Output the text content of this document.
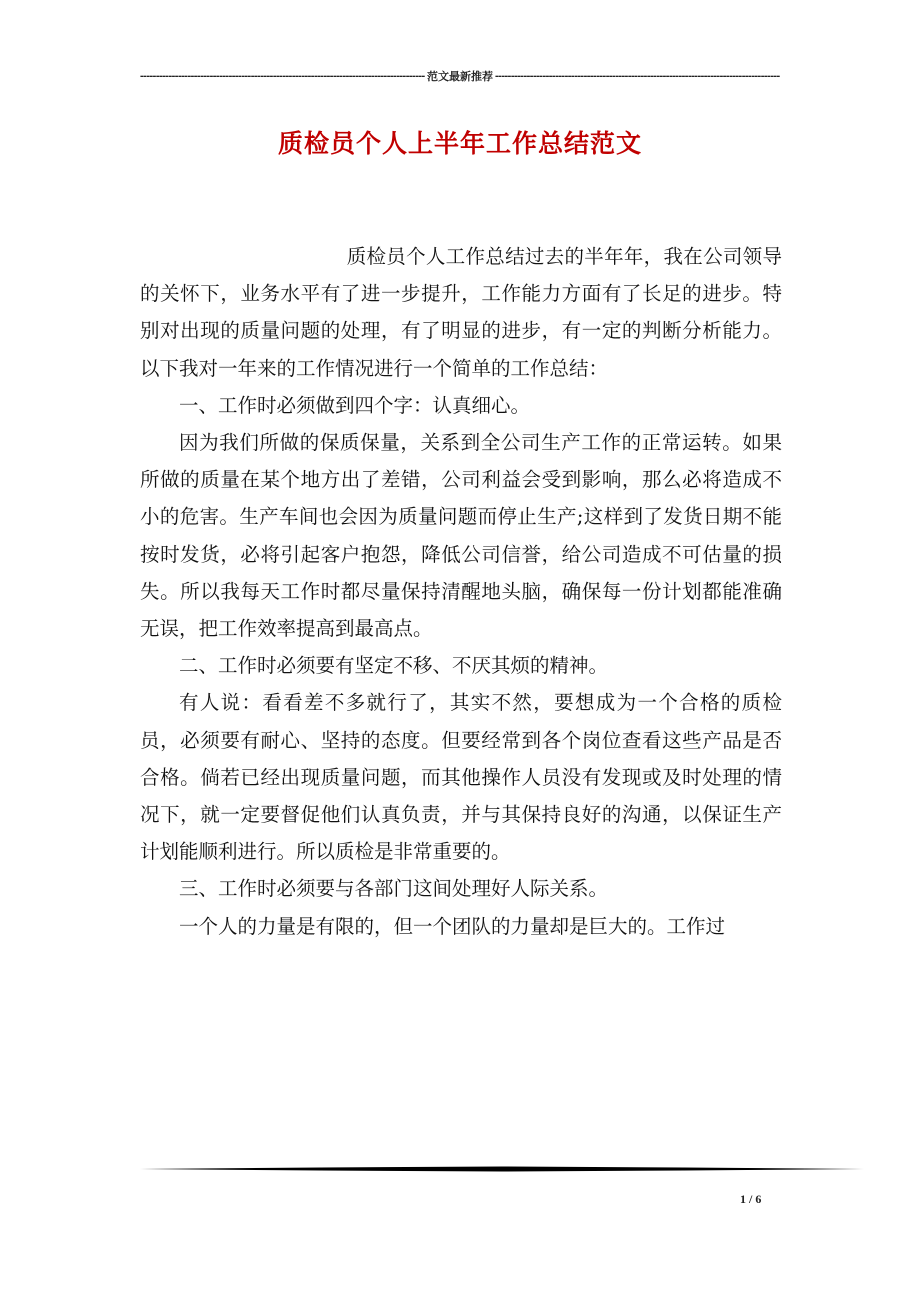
-----
范文最新推荐
-----
质检员个人上半年工作总结范文

质检员个人工作总结过去的半年年，我在公司领导的关怀下，业务水平有了进一步提升，工作能力方面有了长足的进步。特别对出现的质量问题的处理，有了明显的进步，有一定的判断分析能力。以下我对一年来的工作情况进行一个简单的工作总结：

一、工作时必须做到四个字：认真细心。

因为我们所做的保质保量，关系到全公司生产工作的正常运转。如果所做的质量在某个地方出了差错，公司利益会受到影响，那么必将造成不小的危害。生产车间也会因为质量问题而停止生产;这样到了发货日期不能按时发货，必将引起客户抱怨，降低公司信誉，给公司造成不可估量的损失。所以我每天工作时都尽量保持清醒地头脑，确保每一份计划都能准确无误，把工作效率提高到最高点。

二、工作时必须要有坚定不移、不厌其烦的精神。

有人说：看看差不多就行了，其实不然，要想成为一个合格的质检员，必须要有耐心、坚持的态度。但要经常到各个岗位查看这些产品是否合格。倘若已经出现质量问题，而其他操作人员没有发现或及时处理的情况下，就一定要督促他们认真负责，并与其保持良好的沟通，以保证生产计划能顺利进行。所以质检是非常重要的。

三、工作时必须要与各部门这间处理好人际关系。

一个人的力量是有限的，但一个团队的力量却是巨大的。工作过

1 / 6
